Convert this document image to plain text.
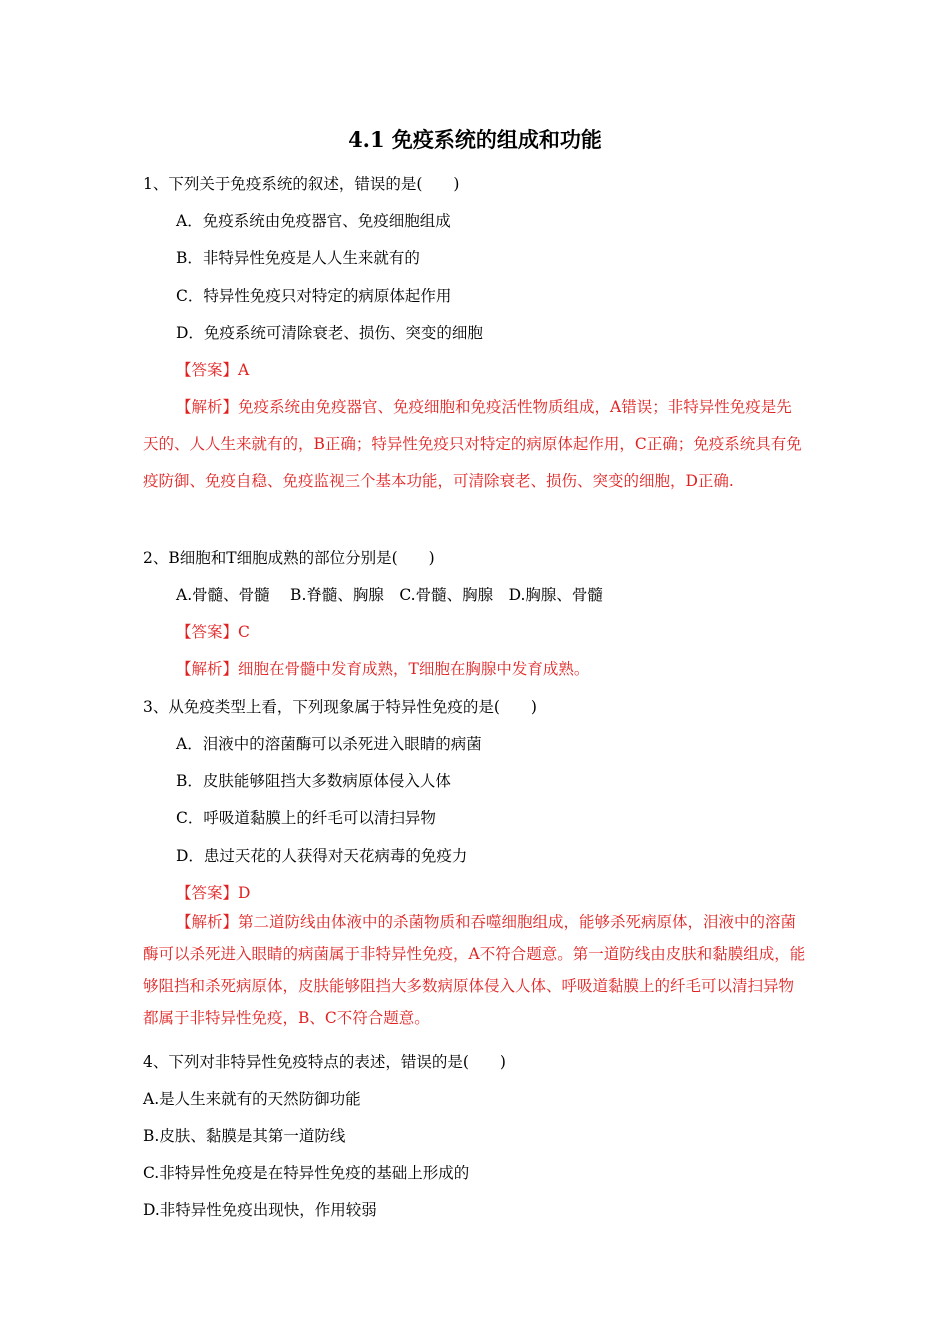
4.1 免疫系统的组成和功能
1、下列关于免疫系统的叙述，错误的是(　　)
A．免疫系统由免疫器官、免疫细胞组成
B．非特异性免疫是人人生来就有的
C．特异性免疫只对特定的病原体起作用
D．免疫系统可清除衰老、损伤、突变的细胞
【答案】A
【解析】免疫系统由免疫器官、免疫细胞和免疫活性物质组成，A错误；非特异性免疫是先天的、人人生来就有的，B正确；特异性免疫只对特定的病原体起作用，C正确；免疫系统具有免疫防御、免疫自稳、免疫监视三个基本功能，可清除衰老、损伤、突变的细胞，D正确.
2、B细胞和T细胞成熟的部位分别是(　　)
A.骨髓、骨髓　 B.脊髓、胸腺　C.骨髓、胸腺　D.胸腺、骨髓
【答案】C
【解析】细胞在骨髓中发育成熟，T细胞在胸腺中发育成熟。
3、从免疫类型上看，下列现象属于特异性免疫的是(　　)
A．泪液中的溶菌酶可以杀死进入眼睛的病菌
B．皮肤能够阻挡大多数病原体侵入人体
C．呼吸道黏膜上的纤毛可以清扫异物
D．患过天花的人获得对天花病毒的免疫力
【答案】D
【解析】第二道防线由体液中的杀菌物质和吞噬细胞组成，能够杀死病原体，泪液中的溶菌酶可以杀死进入眼睛的病菌属于非特异性免疫，A不符合题意。第一道防线由皮肤和黏膜组成，能够阻挡和杀死病原体，皮肤能够阻挡大多数病原体侵入人体、呼吸道黏膜上的纤毛可以清扫异物都属于非特异性免疫，B、C不符合题意。
4、下列对非特异性免疫特点的表述，错误的是(　　)
A.是人生来就有的天然防御功能
B.皮肤、黏膜是其第一道防线
C.非特异性免疫是在特异性免疫的基础上形成的
D.非特异性免疫出现快，作用较弱
